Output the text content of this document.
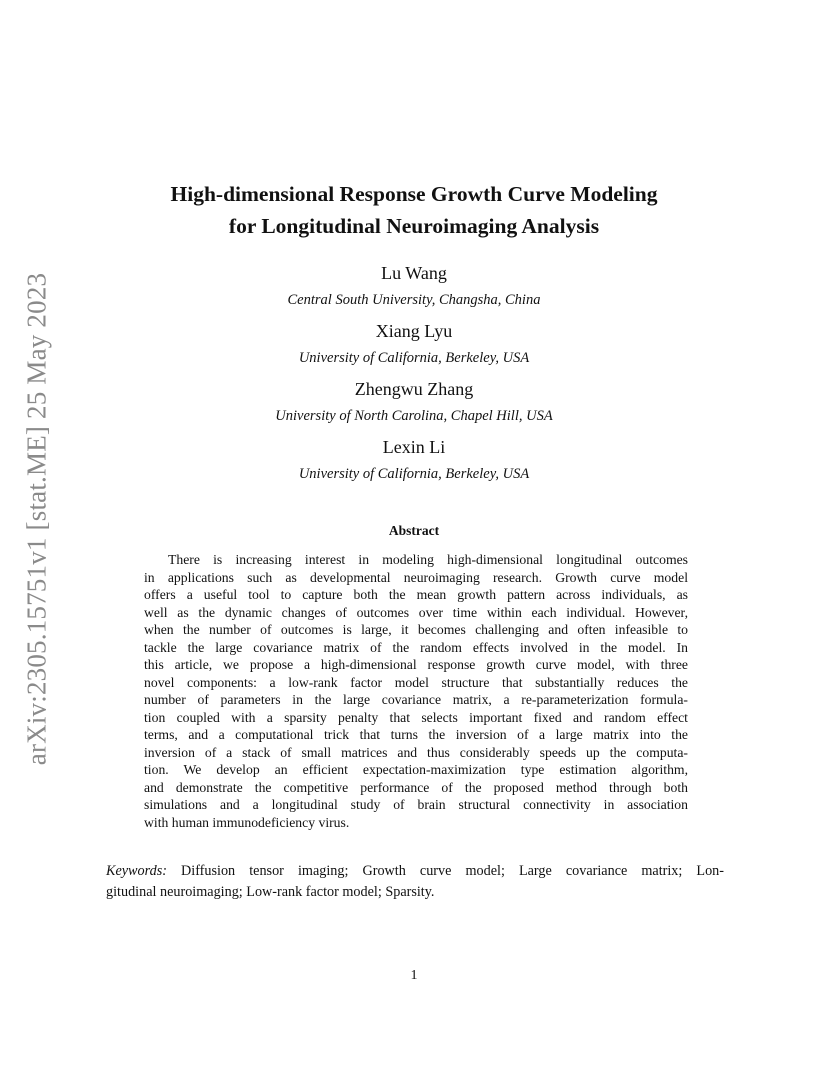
arXiv:2305.15751v1 [stat.ME] 25 May 2023
High-dimensional Response Growth Curve Modeling
for Longitudinal Neuroimaging Analysis
Lu Wang
Central South University, Changsha, China
Xiang Lyu
University of California, Berkeley, USA
Zhengwu Zhang
University of North Carolina, Chapel Hill, USA
Lexin Li
University of California, Berkeley, USA
Abstract
There is increasing interest in modeling high-dimensional longitudinal outcomes
in applications such as developmental neuroimaging research. Growth curve model
offers a useful tool to capture both the mean growth pattern across individuals, as
well as the dynamic changes of outcomes over time within each individual. However,
when the number of outcomes is large, it becomes challenging and often infeasible to
tackle the large covariance matrix of the random effects involved in the model. In
this article, we propose a high-dimensional response growth curve model, with three
novel components: a low-rank factor model structure that substantially reduces the
number of parameters in the large covariance matrix, a re-parameterization formula-
tion coupled with a sparsity penalty that selects important fixed and random effect
terms, and a computational trick that turns the inversion of a large matrix into the
inversion of a stack of small matrices and thus considerably speeds up the computa-
tion. We develop an efficient expectation-maximization type estimation algorithm,
and demonstrate the competitive performance of the proposed method through both
simulations and a longitudinal study of brain structural connectivity in association
with human immunodeficiency virus.
Keywords: Diffusion tensor imaging; Growth curve model; Large covariance matrix; Lon-
gitudinal neuroimaging; Low-rank factor model; Sparsity.
1
